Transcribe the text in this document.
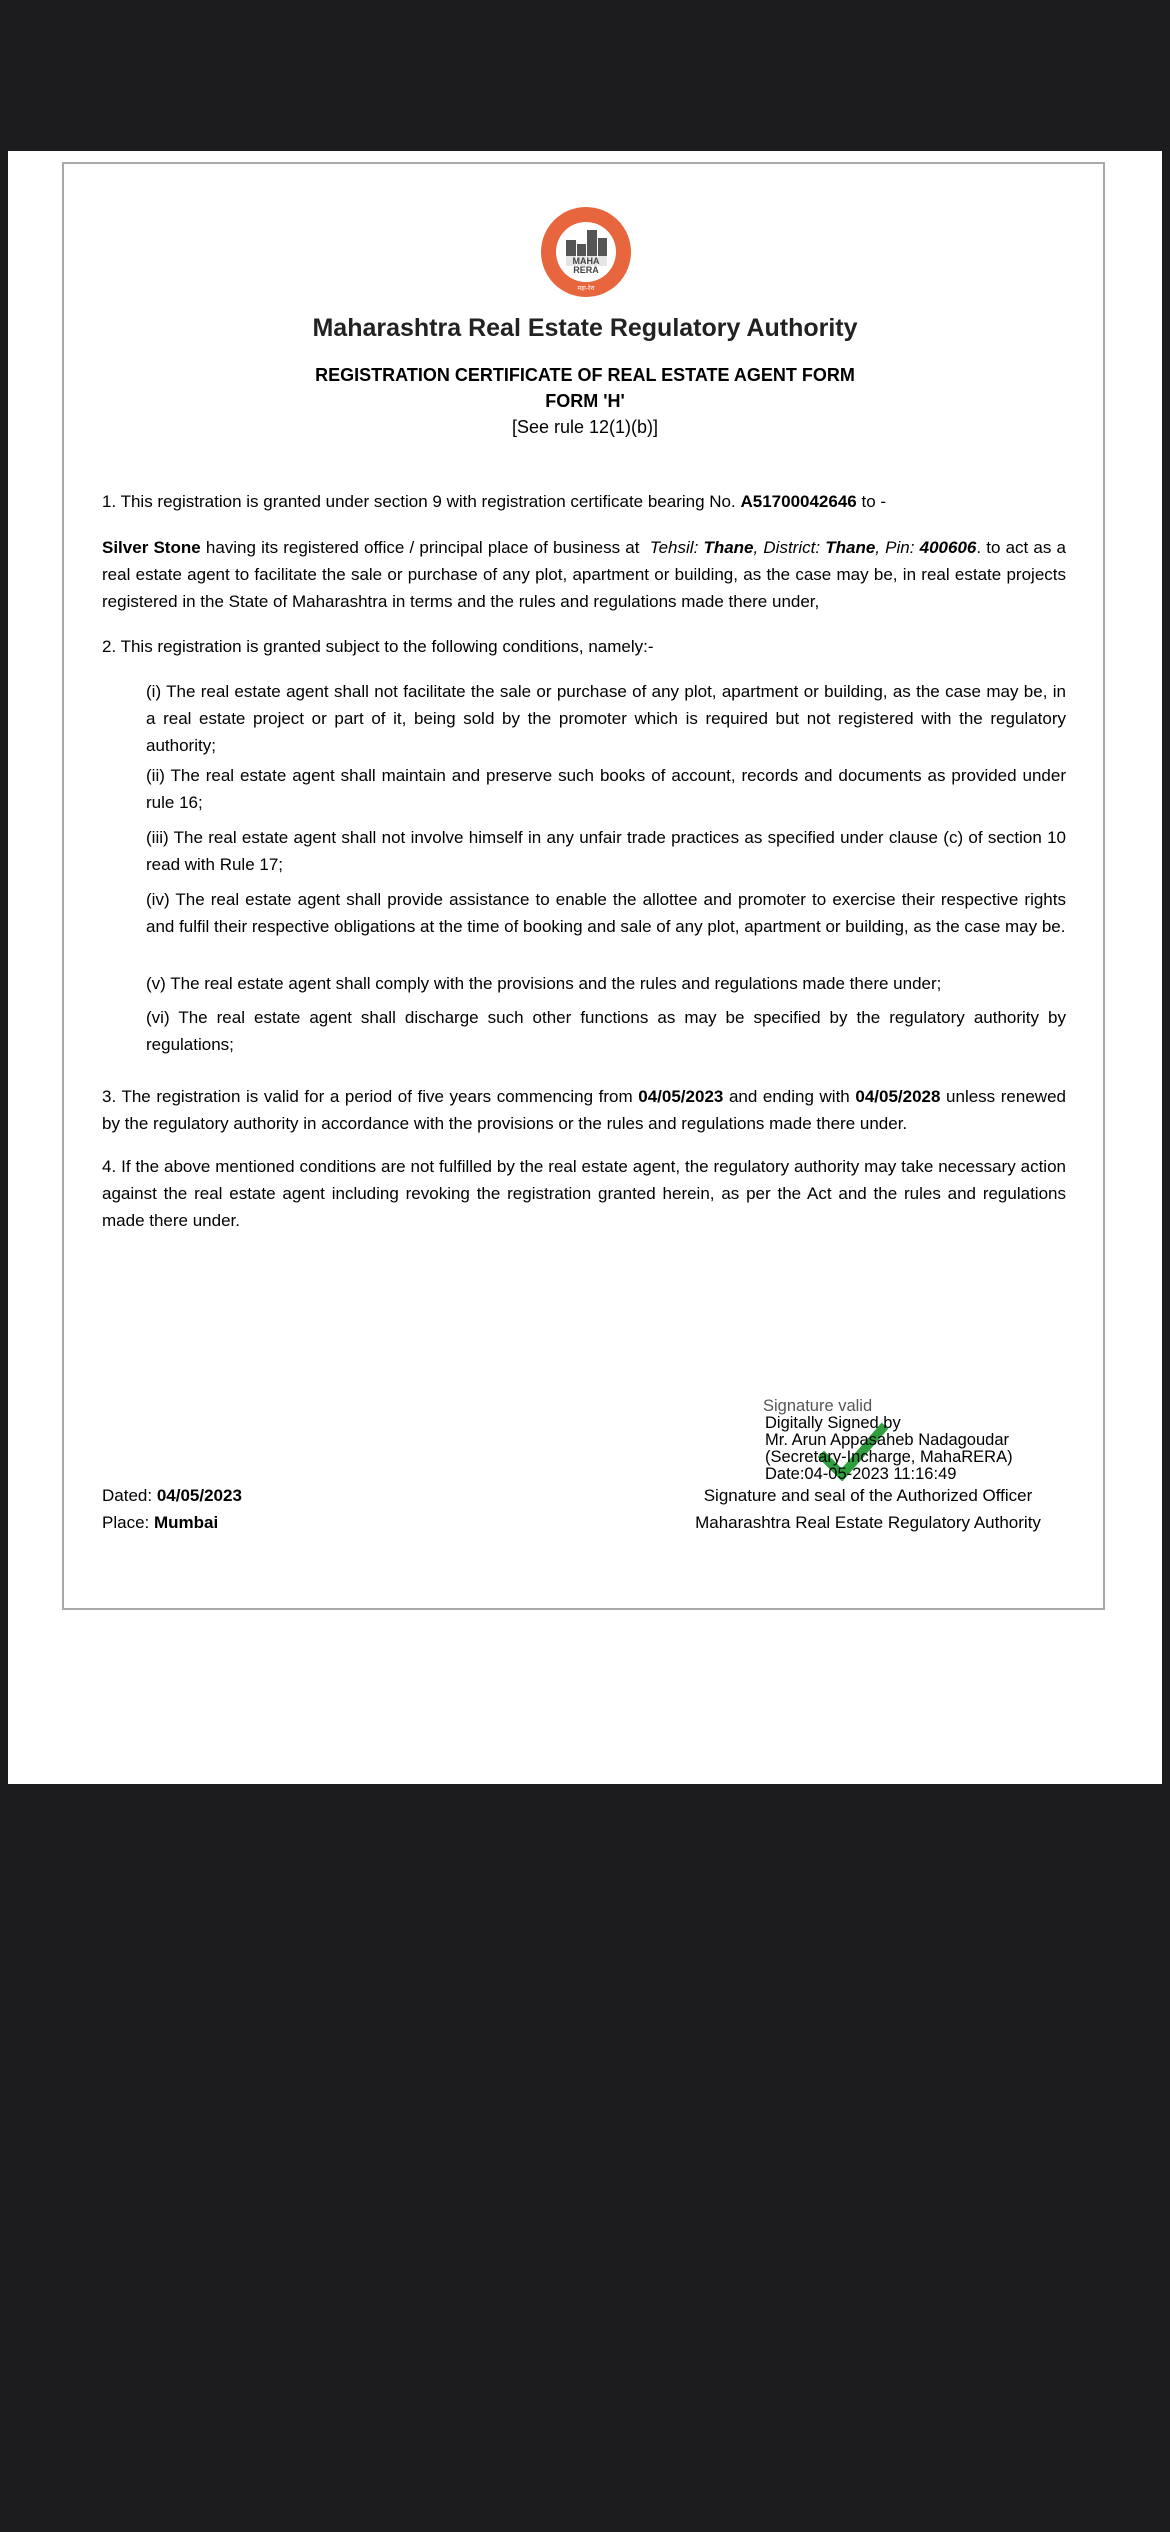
MAHA
RERA
महा-रेरा
Maharashtra Real Estate Regulatory Authority
REGISTRATION CERTIFICATE OF REAL ESTATE AGENT FORM
FORM 'H'
[See rule 12(1)(b)]
1. This registration is granted under section 9 with registration certificate bearing No. A51700042646 to -
Silver Stone having its registered office / principal place of business at  Tehsil: Thane, District: Thane, Pin: 400606. to act as a real estate agent to facilitate the sale or purchase of any plot, apartment or building, as the case may be, in real estate projects registered in the State of Maharashtra in terms and the rules and regulations made there under,
2. This registration is granted subject to the following conditions, namely:-
(i) The real estate agent shall not facilitate the sale or purchase of any plot, apartment or building, as the case may be, in a real estate project or part of it, being sold by the promoter which is required but not registered with the regulatory authority;
(ii) The real estate agent shall maintain and preserve such books of account, records and documents as provided under rule 16;
(iii) The real estate agent shall not involve himself in any unfair trade practices as specified under clause (c) of section 10 read with Rule 17;
(iv) The real estate agent shall provide assistance to enable the allottee and promoter to exercise their respective rights and fulfil their respective obligations at the time of booking and sale of any plot, apartment or building, as the case may be.
(v) The real estate agent shall comply with the provisions and the rules and regulations made there under;
(vi) The real estate agent shall discharge such other functions as may be specified by the regulatory authority by regulations;
3. The registration is valid for a period of five years commencing from 04/05/2023 and ending with 04/05/2028 unless renewed by the regulatory authority in accordance with the provisions or the rules and regulations made there under.
4. If the above mentioned conditions are not fulfilled by the real estate agent, the regulatory authority may take necessary action against the real estate agent including revoking the registration granted herein, as per the Act and the rules and regulations made there under.
Signature valid
Digitally Signed by
Mr. Arun Appasaheb Nadagoudar
(Secretary-Incharge, MahaRERA)
Date:04-05-2023 11:16:49
Dated: 04/05/2023
Place: Mumbai
Signature and seal of the Authorized Officer
Maharashtra Real Estate Regulatory Authority
